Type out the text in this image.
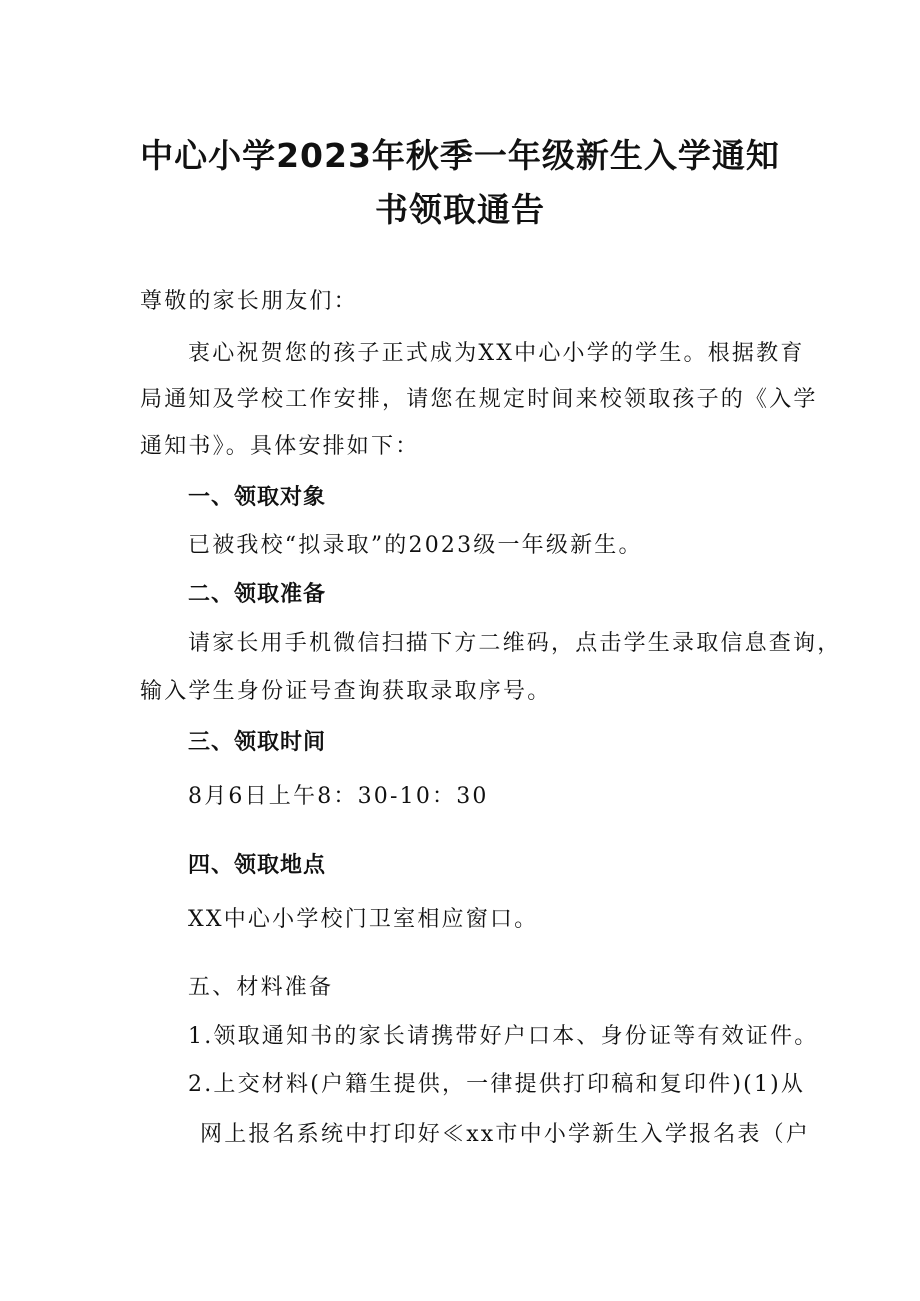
中心小学2023年秋季一年级新生入学通知
书领取通告
尊敬的家长朋友们：
衷心祝贺您的孩子正式成为XX中心小学的学生。根据教育
局通知及学校工作安排，请您在规定时间来校领取孩子的《入学
通知书》。具体安排如下：
一、领取对象
已被我校“拟录取”的2023级一年级新生。
二、领取准备
请家长用手机微信扫描下方二维码，点击学生录取信息查询，
输入学生身份证号查询获取录取序号。
三、领取时间
8月6日上午8：30-10：30
四、领取地点
XX中心小学校门卫室相应窗口。
五、材料准备
1.领取通知书的家长请携带好户口本、身份证等有效证件。
2.上交材料(户籍生提供，一律提供打印稿和复印件)(1)从
网上报名系统中打印好≪xx市中小学新生入学报名表（户
